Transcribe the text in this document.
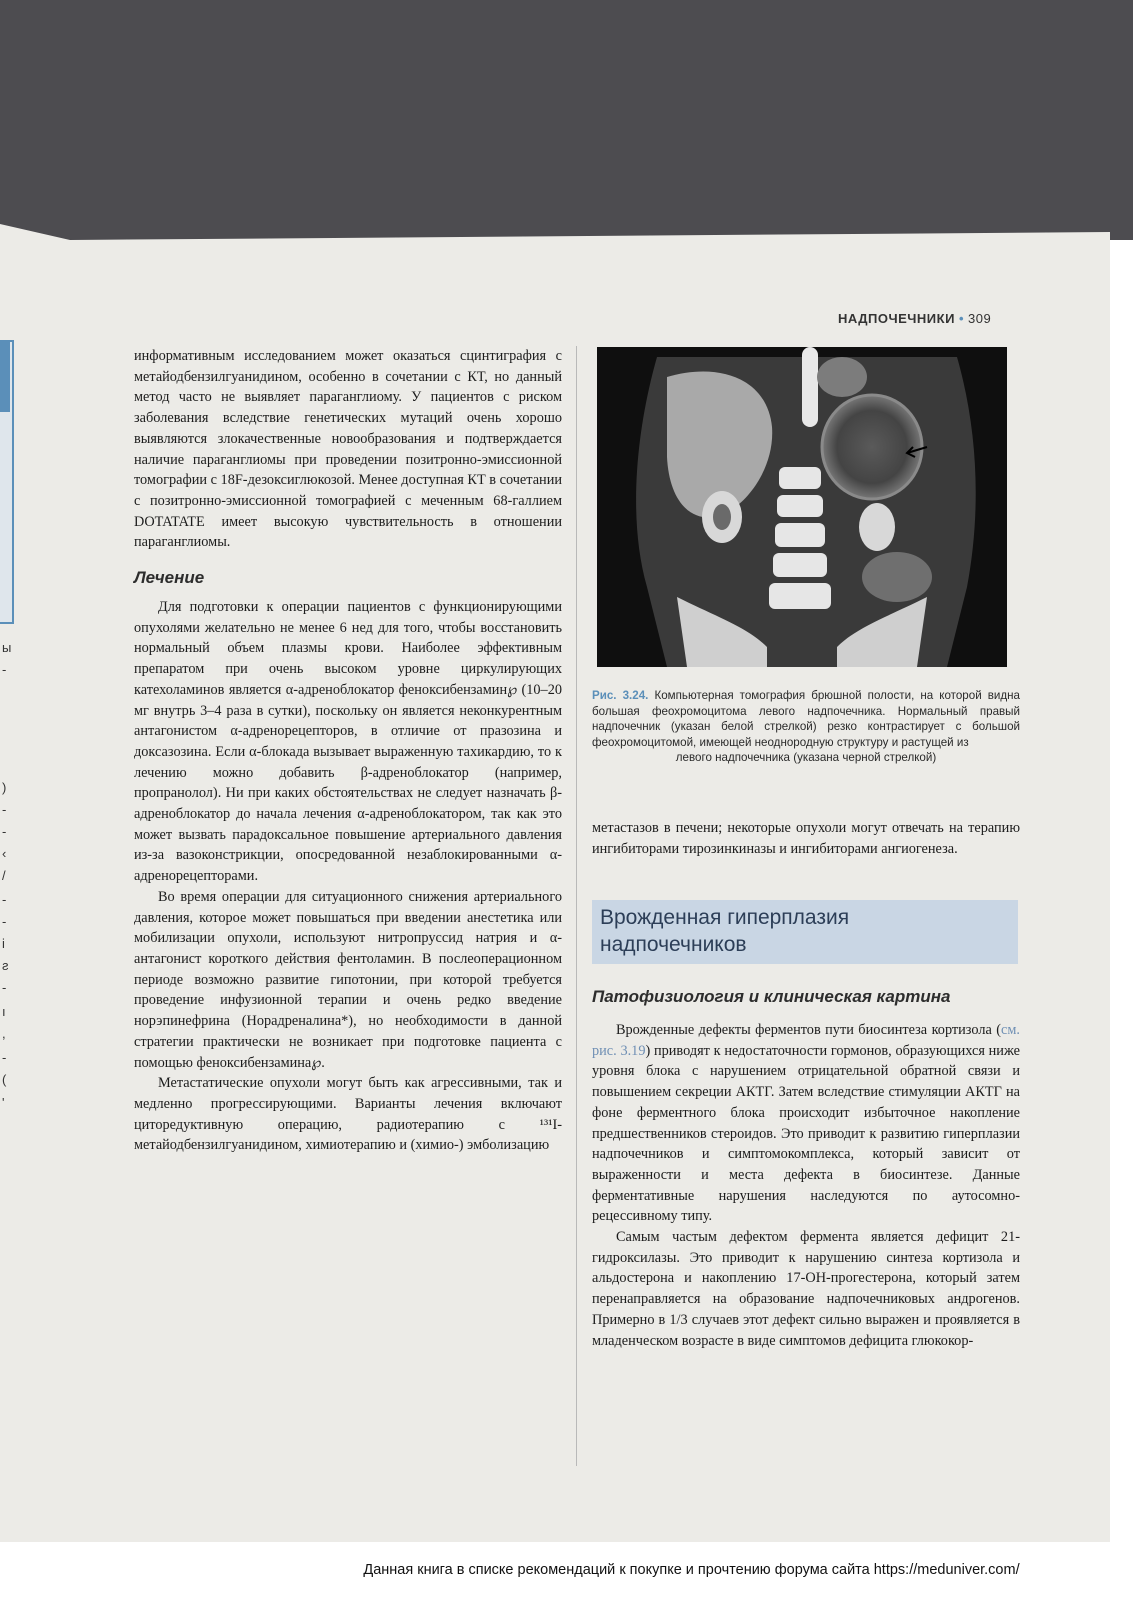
ы
-
)
-
-
‹
/
-
-
і
ƨ
-
ı
,
-
(
'
НАДПОЧЕЧНИКИ • 309

информативным исследованием может оказаться сцинтиграфия с метайодбензилгуанидином, особенно в сочетании с КТ, но данный метод часто не выявляет параганглиому. У пациентов с риском заболевания вследствие генетических мутаций очень хорошо выявляются злокачественные новообразования и подтверждается наличие параганглиомы при проведении позитронно-эмиссионной томографии с 18F-дезоксиглюкозой. Менее доступная КТ в сочетании с позитронно-эмиссионной томографией с меченным 68-галлием DOTATATE имеет высокую чувствительность в отношении параганглиомы.

Лечение

Для подготовки к операции пациентов с функционирующими опухолями желательно не менее 6 нед для того, чтобы восстановить нормальный объем плазмы крови. Наиболее эффективным препаратом при очень высоком уровне циркулирующих катехоламинов является α-адреноблокатор феноксибензамин℘ (10–20 мг внутрь 3–4 раза в сутки), поскольку он является неконкурентным антагонистом α-адренорецепторов, в отличие от празозина и доксазозина. Если α-блокада вызывает выраженную тахикардию, то к лечению можно добавить β-адреноблокатор (например, пропранолол). Ни при каких обстоятельствах не следует назначать β-адреноблокатор до начала лечения α-адреноблокатором, так как это может вызвать парадоксальное повышение артериального давления из-за вазоконстрикции, опосредованной незаблокированными α-адренорецепторами.

Во время операции для ситуационного снижения артериального давления, которое может повышаться при введении анестетика или мобилизации опухоли, используют нитропруссид натрия и α-антагонист короткого действия фентоламин. В послеоперационном периоде возможно развитие гипотонии, при которой требуется проведение инфузионной терапии и очень редко введение норэпинефрина (Норадреналина*), но необходимости в данной стратегии практически не возникает при подготовке пациента с помощью феноксибензамина℘.

Метастатические опухоли могут быть как агрессивными, так и медленно прогрессирующими. Варианты лечения включают циторедуктивную операцию, радиотерапию с ¹³¹I-метайодбензилгуанидином, химиотерапию и (химио-) эмболизацию

Рис. 3.24. Компьютерная томография брюшной полости, на которой видна большая феохромоцитома левого надпочечника. Нормальный правый надпочечник (указан белой стрелкой) резко контрастирует с большой феохромоцитомой, имеющей неоднородную структуру и растущей из
левого надпочечника (указана черной стрелкой)

метастазов в печени; некоторые опухоли могут отвечать на терапию ингибиторами тирозинкиназы и ингибиторами ангиогенеза.

Врожденная гиперплазия надпочечников
Патофизиология и клиническая картина

Врожденные дефекты ферментов пути биосинтеза кортизола (см. рис. 3.19) приводят к недостаточности гормонов, образующихся ниже уровня блока с нарушением отрицательной обратной связи и повышением секреции АКТГ. Затем вследствие стимуляции АКТГ на фоне ферментного блока происходит избыточное накопление предшественников стероидов. Это приводит к развитию гиперплазии надпочечников и симптомокомплекса, который зависит от выраженности и места дефекта в биосинтезе. Данные ферментативные нарушения наследуются по аутосомно-рецессивному типу.

Самым частым дефектом фермента является дефицит 21-гидроксилазы. Это приводит к нарушению синтеза кортизола и альдостерона и накоплению 17-ОН-прогестерона, который затем перенаправляется на образование надпочечниковых андрогенов. Примерно в 1/3 случаев этот дефект сильно выражен и проявляется в младенческом возрасте в виде симптомов дефицита глюкокор-

Данная книга в списке рекомендаций к покупке и прочтению форума сайта https://meduniver.com/
